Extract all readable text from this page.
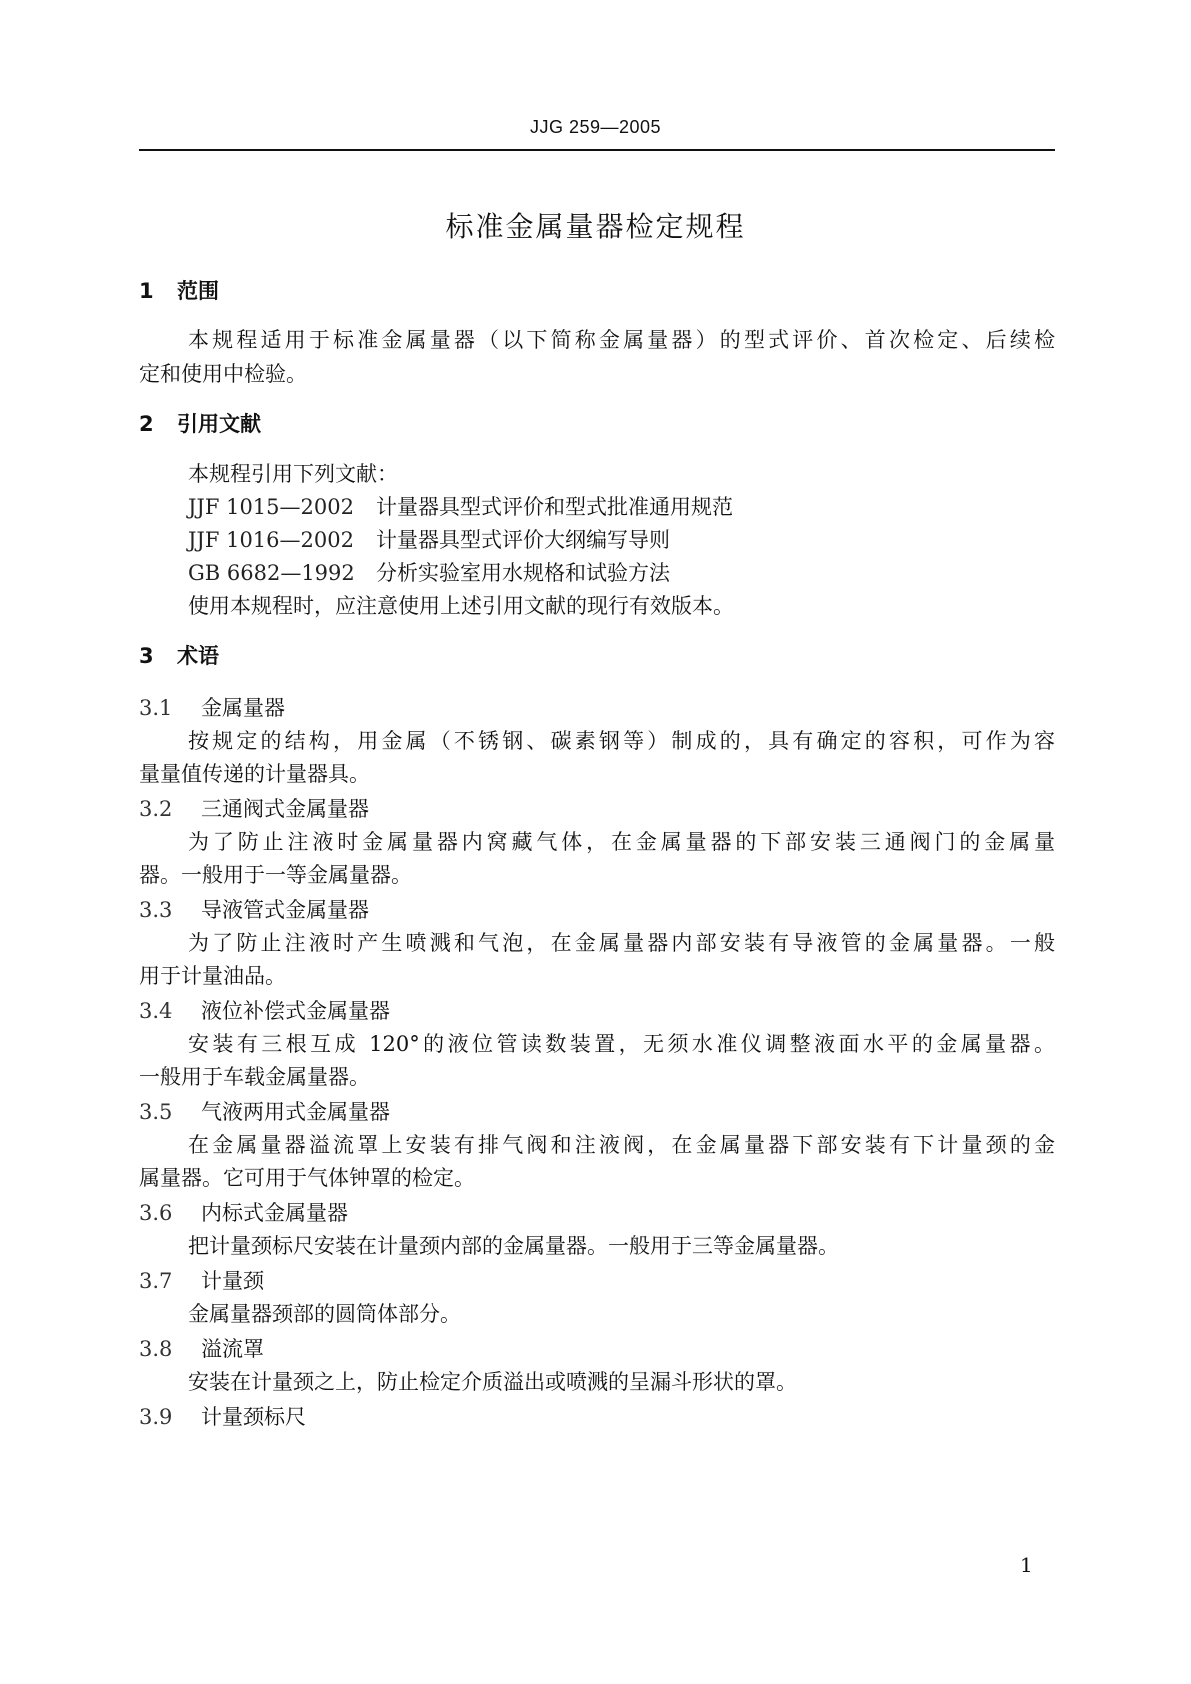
JJG 259—2005
标准金属量器检定规程
1 范围
本规程适用于标准金属量器（以下简称金属量器）的型式评价、首次检定、后续检
定和使用中检验。
2 引用文献
本规程引用下列文献：
JJF 1015—2002 计量器具型式评价和型式批准通用规范
JJF 1016—2002 计量器具型式评价大纲编写导则
GB 6682—1992 分析实验室用水规格和试验方法
使用本规程时，应注意使用上述引用文献的现行有效版本。
3 术语
3.1 金属量器
按规定的结构，用金属（不锈钢、碳素钢等）制成的，具有确定的容积，可作为容
量量值传递的计量器具。
3.2 三通阀式金属量器
为了防止注液时金属量器内窝藏气体，在金属量器的下部安装三通阀门的金属量
器。一般用于一等金属量器。
3.3 导液管式金属量器
为了防止注液时产生喷溅和气泡，在金属量器内部安装有导液管的金属量器。一般
用于计量油品。
3.4 液位补偿式金属量器
安装有三根互成 120°的液位管读数装置，无须水准仪调整液面水平的金属量器。
一般用于车载金属量器。
3.5 气液两用式金属量器
在金属量器溢流罩上安装有排气阀和注液阀，在金属量器下部安装有下计量颈的金
属量器。它可用于气体钟罩的检定。
3.6 内标式金属量器
把计量颈标尺安装在计量颈内部的金属量器。一般用于三等金属量器。
3.7 计量颈
金属量器颈部的圆筒体部分。
3.8 溢流罩
安装在计量颈之上，防止检定介质溢出或喷溅的呈漏斗形状的罩。
3.9 计量颈标尺
1
